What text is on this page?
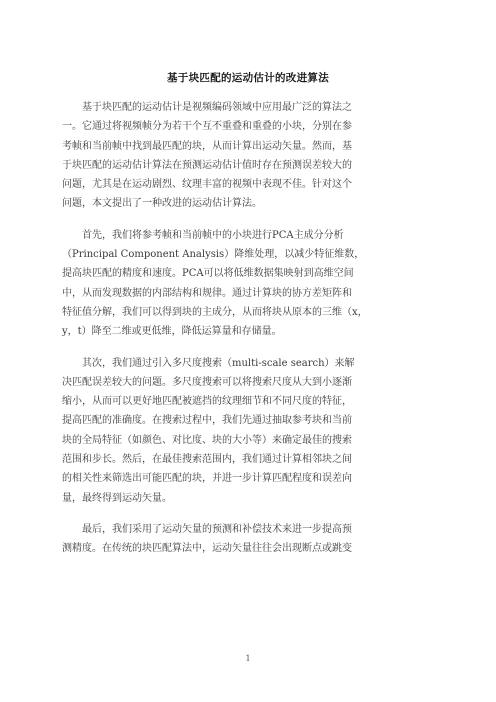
基于块匹配的运动估计的改进算法
　　基于块匹配的运动估计是视频编码领域中应用最广泛的算法之
一。它通过将视频帧分为若干个互不重叠和重叠的小块，分别在参
考帧和当前帧中找到最匹配的块，从而计算出运动矢量。然而，基
于块匹配的运动估计算法在预测运动估计值时存在预测误差较大的
问题，尤其是在运动剧烈、纹理丰富的视频中表现不佳。针对这个
问题，本文提出了一种改进的运动估计算法。
　　首先，我们将参考帧和当前帧中的小块进行PCA主成分分析
（Principal Component Analysis）降维处理，以减少特征维数，
提高块匹配的精度和速度。PCA可以将低维数据集映射到高维空间
中，从而发现数据的内部结构和规律。通过计算块的协方差矩阵和
特征值分解，我们可以得到块的主成分，从而将块从原本的三维（x，
y，t）降至二维或更低维，降低运算量和存储量。
　　其次，我们通过引入多尺度搜索（multi-scale search）来解
决匹配误差较大的问题。多尺度搜索可以将搜索尺度从大到小逐渐
缩小，从而可以更好地匹配被遮挡的纹理细节和不同尺度的特征，
提高匹配的准确度。在搜索过程中，我们先通过抽取参考块和当前
块的全局特征（如颜色、对比度、块的大小等）来确定最佳的搜索
范围和步长。然后，在最佳搜索范围内，我们通过计算相邻块之间
的相关性来筛选出可能匹配的块，并进一步计算匹配程度和误差向
量，最终得到运动矢量。
　　最后，我们采用了运动矢量的预测和补偿技术来进一步提高预
测精度。在传统的块匹配算法中，运动矢量往往会出现断点或跳变
1
